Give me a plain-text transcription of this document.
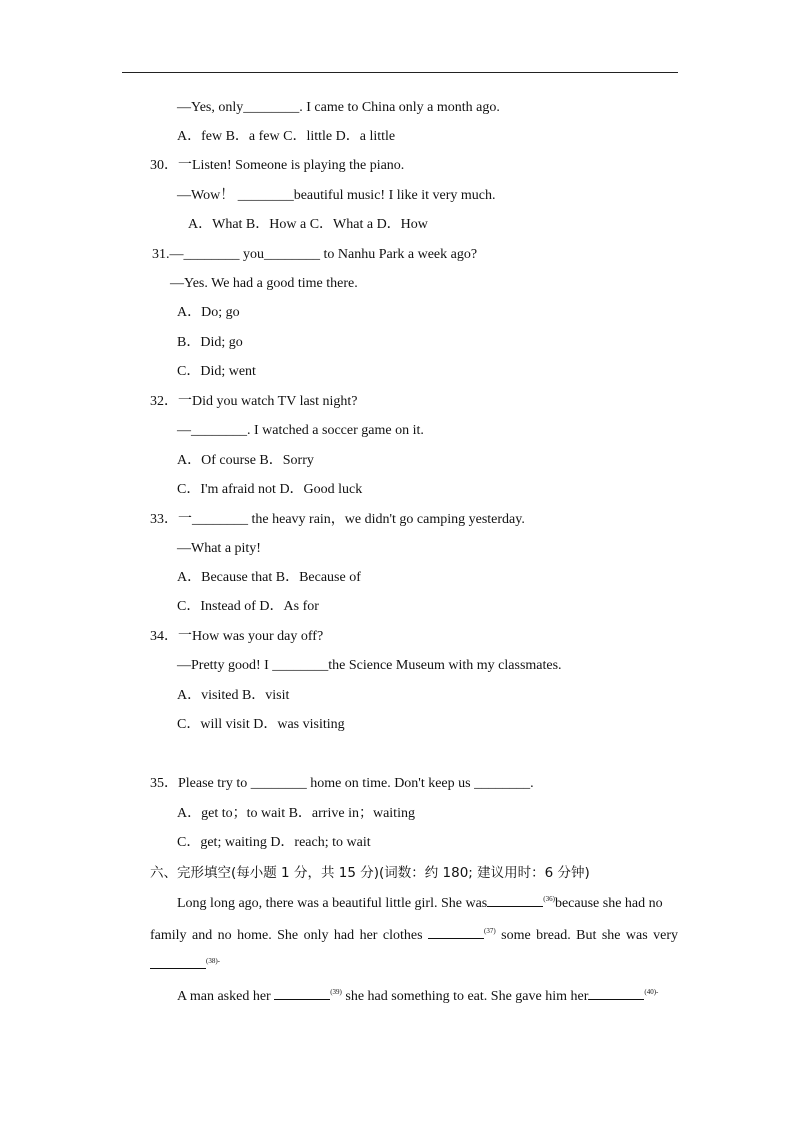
—Yes, only________. I came to China only a month ago.
A．few B．a few C．little D．a little
30．一Listen! Someone is playing the piano.
—Wow！ ________beautiful music! I like it very much.
A．What B．How a C．What a D．How
31.—________ you________ to Nanhu Park a week ago?
—Yes. We had a good time there.
A．Do; go
B．Did; go
C．Did; went
32．一Did you watch TV last night?
—________. I watched a soccer game on it.
A．Of course B．Sorry
C．I'm afraid not D．Good luck
33．一________ the heavy rain，we didn't go camping yesterday.
—What a pity!
A．Because that B．Because of
C．Instead of D．As for
34．一How was your day off?
—Pretty good! I ________the Science Museum with my classmates.
A．visited B．visit
C．will visit D．was visiting
35．Please try to ________ home on time. Don't keep us ________.
A．get to；to wait B．arrive in；waiting
C．get; waiting D．reach; to wait
六、完形填空(每小题 1 分，共 15 分)(词数：约 180; 建议用时：6 分钟)
Long long ago, there was a beautiful little girl. She was	$^{(36)}$because she had no
family and no home. She only had her clothes	$^{(37)}$ some bread. But she was very
$^{(38)-}$
A man asked her	$^{(39)}$ she had something to eat. She gave him her	$^{(40)-}$
